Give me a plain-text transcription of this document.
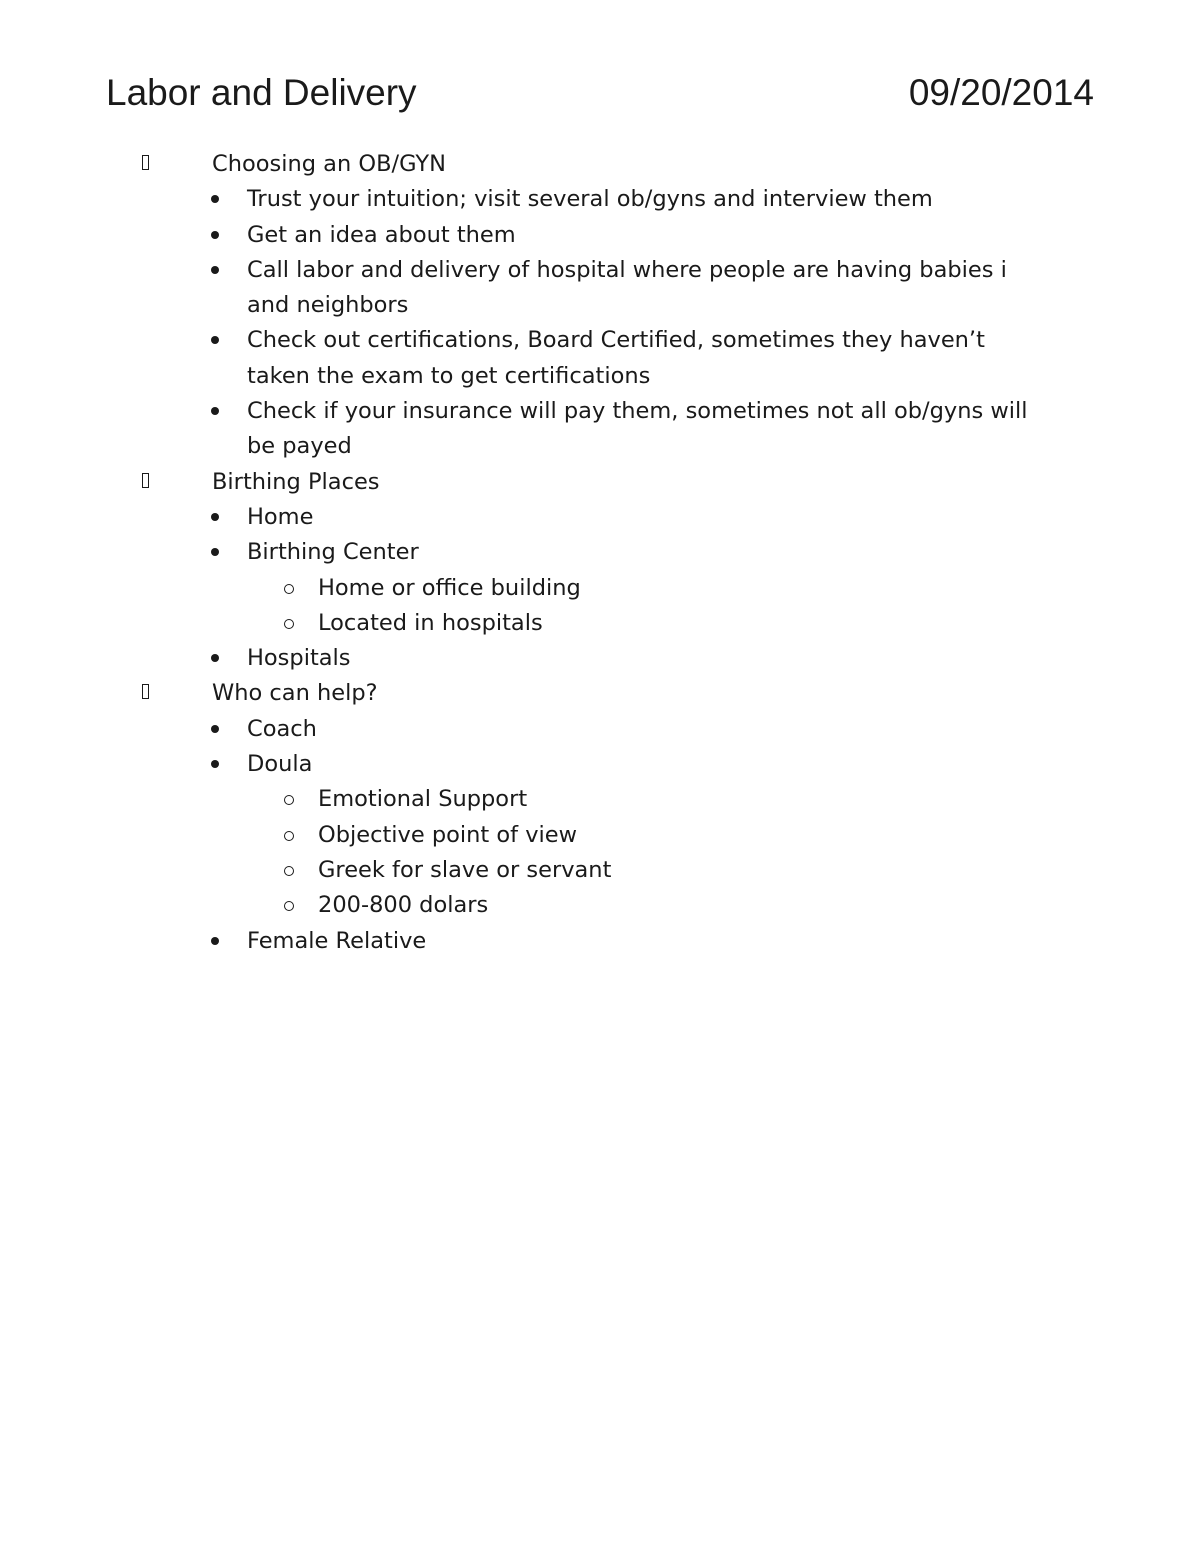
Labor and Delivery	09/20/2014
Choosing an OB/GYN
Trust your intuition; visit several ob/gyns and interview them
Get an idea about them
Call labor and delivery of hospital where people are having babies i and neighbors
Check out certifications, Board Certified, sometimes they haven’t taken the exam to get certifications
Check if your insurance will pay them, sometimes not all ob/gyns will be payed
Birthing Places
Home
Birthing Center
Home or office building
Located in hospitals
Hospitals
Who can help?
Coach
Doula
Emotional Support
Objective point of view
Greek for slave or servant
200-800 dolars
Female Relative
